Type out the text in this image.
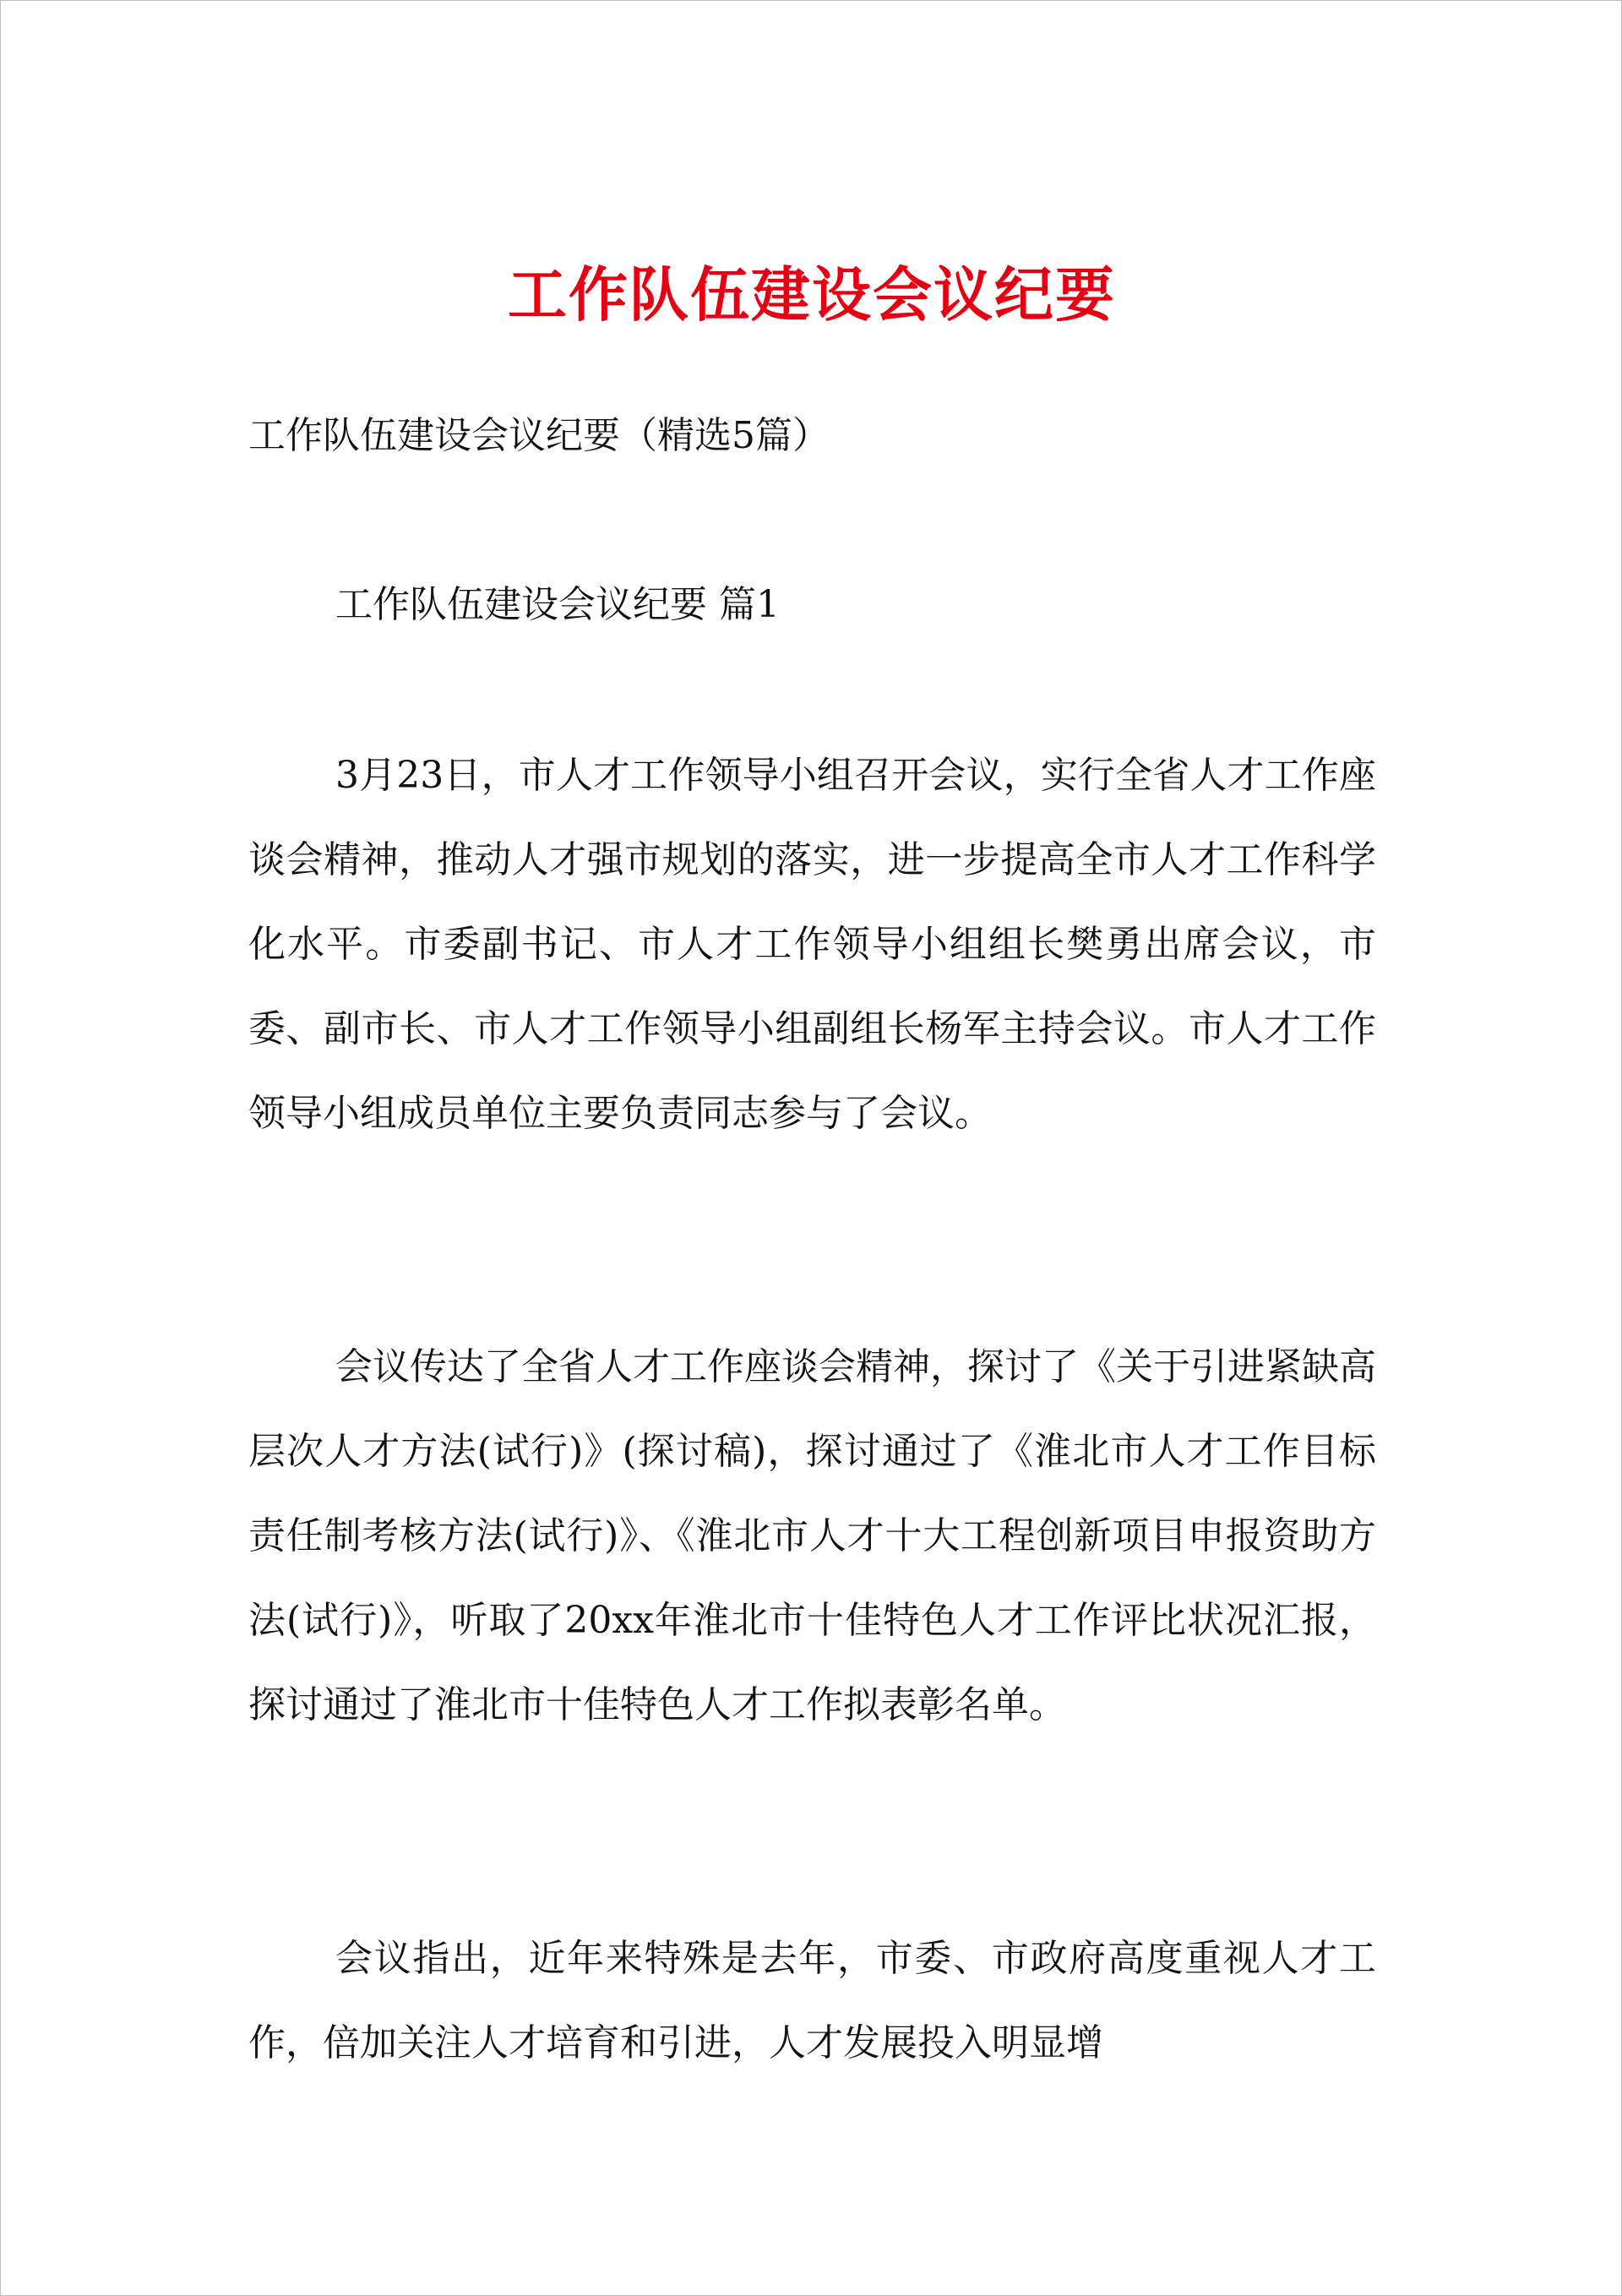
工作队伍建设会议纪要

工作队伍建设会议纪要（精选5篇）

工作队伍建设会议纪要 篇1

3月23日，市人才工作领导小组召开会议，实行全省人才工作座谈会精神，推动人才强市规划的落实，进一步提高全市人才工作科学化水平。市委副书记、市人才工作领导小组组长樊勇出席会议，市委、副市长、市人才工作领导小组副组长杨军主持会议。市人才工作领导小组成员单位主要负责同志参与了会议。

会议传达了全省人才工作座谈会精神，探讨了《关于引进紧缺高层次人才方法(试行)》(探讨稿)，探讨通过了《淮北市人才工作目标责任制考核方法(试行)》、《淮北市人才十大工程创新项目申报资助方法(试行)》，听取了20xx年淮北市十佳特色人才工作评比状况汇报，探讨通过了淮北市十佳特色人才工作拟表彰名单。

会议指出，近年来特殊是去年，市委、市政府高度重视人才工作，倍加关注人才培育和引进，人才发展投入明显增
